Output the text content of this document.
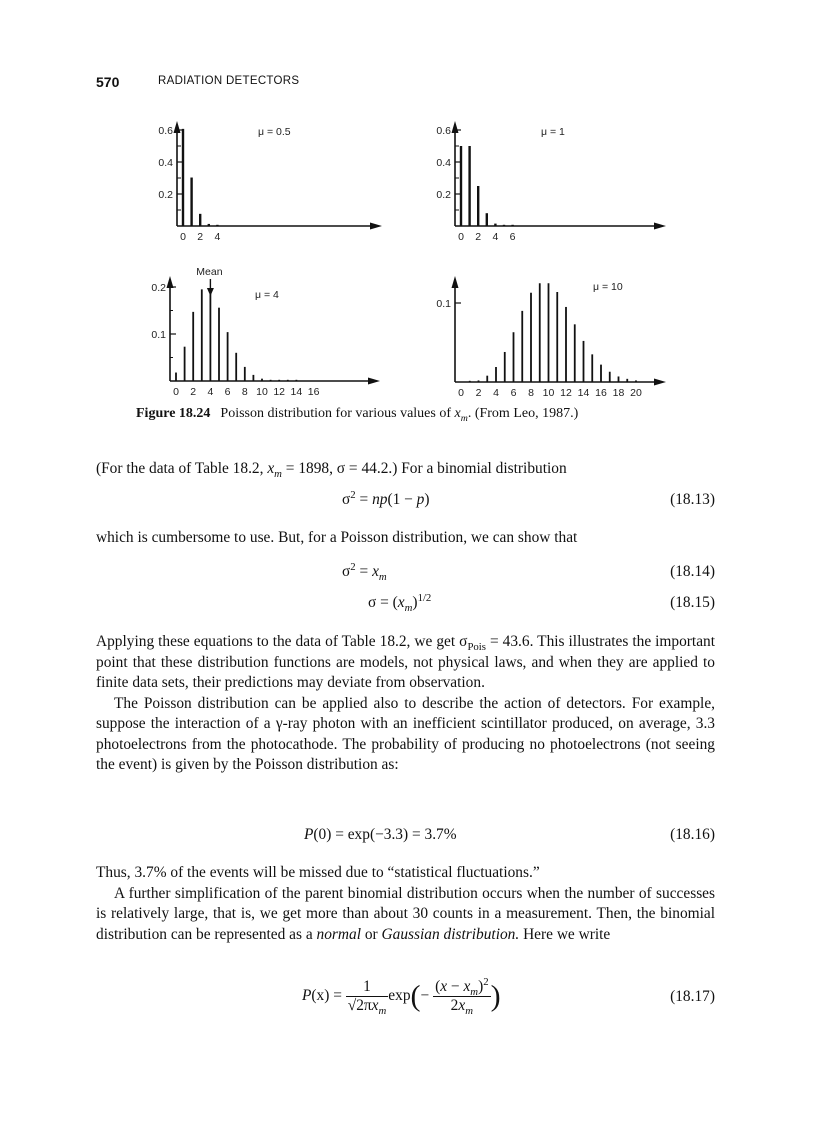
570	RADIATION DETECTORS
0.2
0.4
0.6
0 2 4
μ = 0.5
0.2
0.4
0.6
0 2 4 6
μ = 1
0.1
0.2
0 2 4 6 8 10 12 14 16
μ = 4
Mean
0.1
0 2 4 6 8 10 12 14 16 18 20
μ = 10
Figure 18.24 Poisson distribution for various values of $x_m$. (From Leo, 1987.)

(For the data of Table 18.2, $x_m = 1898$, σ = 44.2.) For a binomial distribution

$\sigma^2 = np(1 - p)$	(18.13)

which is cumbersome to use. But, for a Poisson distribution, we can show that

$\sigma^2 = x_m$	(18.14)
$\sigma = (x_m)^{1/2}$	(18.15)

Applying these equations to the data of Table 18.2, we get $\sigma_{Pois} = 43.6$. This illustrates the important point that these distribution functions are models, not physical laws, and when they are applied to finite data sets, their predictions may deviate from observation.

The Poisson distribution can be applied also to describe the action of detectors. For example, suppose the interaction of a γ-ray photon with an inefficient scintillator produced, on average, 3.3 photoelectrons from the photocathode. The probability of producing no photoelectrons (not seeing the event) is given by the Poisson distribution as:

P(0) = exp(−3.3) = 3.7%	(18.16)

Thus, 3.7% of the events will be missed due to “statistical fluctuations.”

A further simplification of the parent binomial distribution occurs when the number of successes is relatively large, that is, we get more than about 30 counts in a measurement. Then, the binomial distribution can be represented as a normal or Gaussian distribution. Here we write

$P(x) = \frac{1}{√2\pi x_m} \exp(- \frac{(x - x_m)^2}{2x_m}$ )	(18.17)
